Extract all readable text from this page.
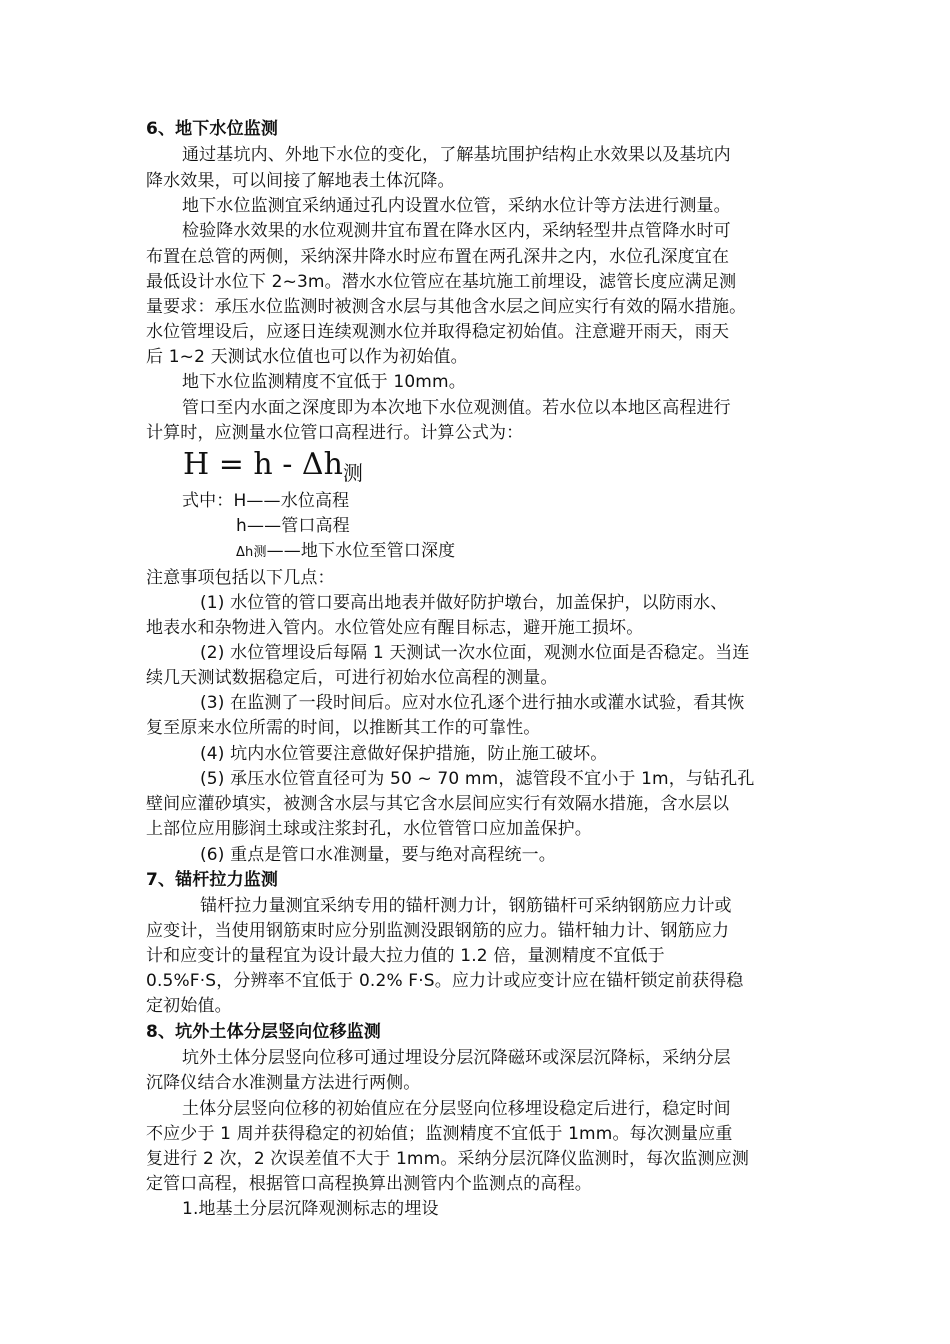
6、地下水位监测
通过基坑内、外地下水位的变化，了解基坑围护结构止水效果以及基坑内
降水效果，可以间接了解地表土体沉降。
地下水位监测宜采纳通过孔内设置水位管，采纳水位计等方法进行测量。
检验降水效果的水位观测井宜布置在降水区内，采纳轻型井点管降水时可
布置在总管的两侧，采纳深井降水时应布置在两孔深井之内，水位孔深度宜在
最低设计水位下 2~3m。潜水水位管应在基坑施工前埋设，滤管长度应满足测
量要求：承压水位监测时被测含水层与其他含水层之间应实行有效的隔水措施。
水位管埋设后，应逐日连续观测水位并取得稳定初始值。注意避开雨天，雨天
后 1~2 天测试水位值也可以作为初始值。
地下水位监测精度不宜低于 10mm。
管口至内水面之深度即为本次地下水位观测值。若水位以本地区高程进行
计算时，应测量水位管口高程进行。计算公式为：
$H = h - \Delta h_测$
式中：H——水位高程
h——管口高程
Δh测——地下水位至管口深度
注意事项包括以下几点：
(1) 水位管的管口要高出地表并做好防护墩台，加盖保护，以防雨水、
地表水和杂物进入管内。水位管处应有醒目标志，避开施工损坏。
(2) 水位管埋设后每隔 1 天测试一次水位面，观测水位面是否稳定。当连
续几天测试数据稳定后，可进行初始水位高程的测量。
(3) 在监测了一段时间后。应对水位孔逐个进行抽水或灌水试验，看其恢
复至原来水位所需的时间，以推断其工作的可靠性。
(4) 坑内水位管要注意做好保护措施，防止施工破坏。
(5) 承压水位管直径可为 50 ~ 70 mm，滤管段不宜小于 1m，与钻孔孔
壁间应灌砂填实，被测含水层与其它含水层间应实行有效隔水措施，含水层以
上部位应用膨润土球或注浆封孔，水位管管口应加盖保护。
(6) 重点是管口水准测量，要与绝对高程统一。
7、锚杆拉力监测
锚杆拉力量测宜采纳专用的锚杆测力计，钢筋锚杆可采纳钢筋应力计或
应变计，当使用钢筋束时应分别监测没跟钢筋的应力。锚杆轴力计、钢筋应力
计和应变计的量程宜为设计最大拉力值的 1.2 倍，量测精度不宜低于
0.5%F·S，分辨率不宜低于 0.2% F·S。应力计或应变计应在锚杆锁定前获得稳
定初始值。
8、坑外土体分层竖向位移监测
坑外土体分层竖向位移可通过埋设分层沉降磁环或深层沉降标，采纳分层
沉降仪结合水准测量方法进行两侧。
土体分层竖向位移的初始值应在分层竖向位移埋设稳定后进行，稳定时间
不应少于 1 周并获得稳定的初始值；监测精度不宜低于 1mm。每次测量应重
复进行 2 次，2 次误差值不大于 1mm。采纳分层沉降仪监测时，每次监测应测
定管口高程，根据管口高程换算出测管内个监测点的高程。
1.地基土分层沉降观测标志的埋设
